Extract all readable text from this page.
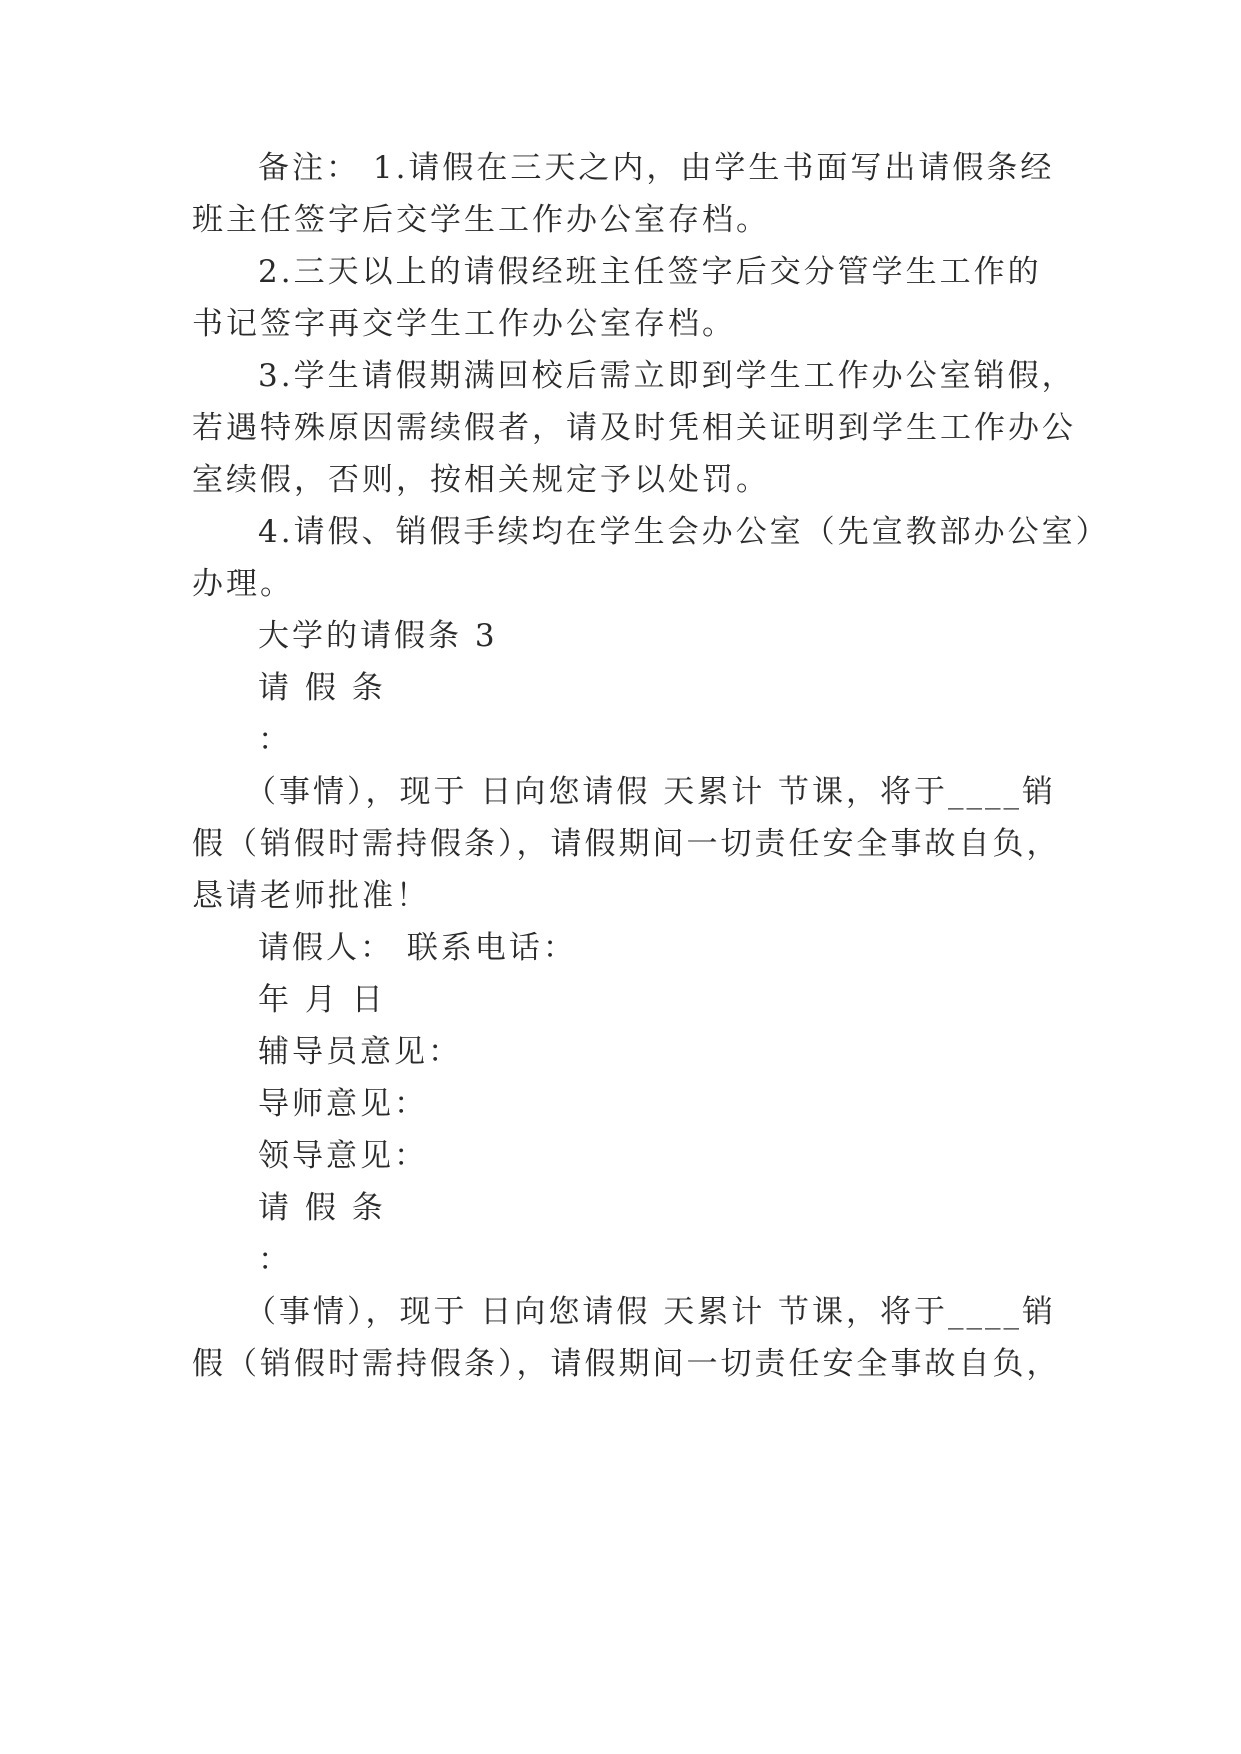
备注： 1.请假在三天之内，由学生书面写出请假条经
班主任签字后交学生工作办公室存档。
2.三天以上的请假经班主任签字后交分管学生工作的
书记签字再交学生工作办公室存档。
3.学生请假期满回校后需立即到学生工作办公室销假，
若遇特殊原因需续假者，请及时凭相关证明到学生工作办公
室续假，否则，按相关规定予以处罚。
4.请假、销假手续均在学生会办公室（先宣教部办公室）
办理。
大学的请假条 3
请 假 条
：
（事情），现于 日向您请假 天累计 节课，将于____销
假（销假时需持假条），请假期间一切责任安全事故自负，
恳请老师批准！
请假人： 联系电话：
年 月 日
辅导员意见：
导师意见：
领导意见：
请 假 条
：
（事情），现于 日向您请假 天累计 节课，将于____销
假（销假时需持假条），请假期间一切责任安全事故自负，
